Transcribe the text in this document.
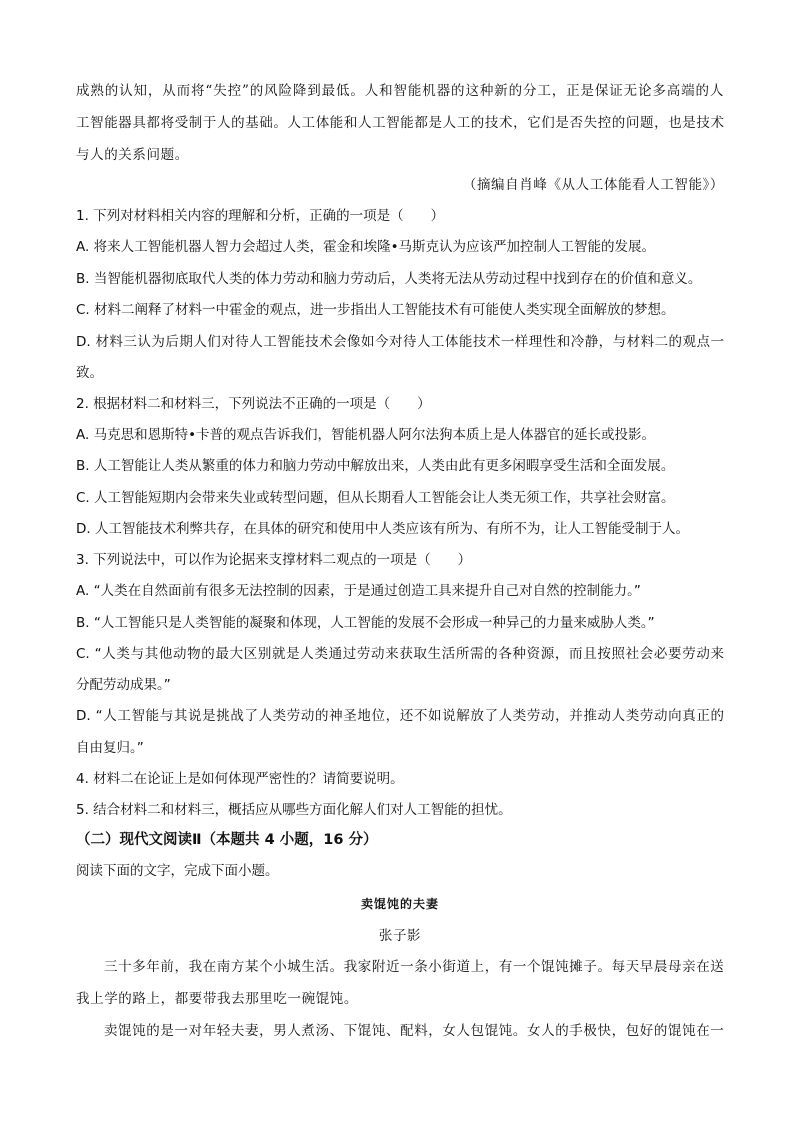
成熟的认知，从而将“失控”的风险降到最低。人和智能机器的这种新的分工，正是保证无论多高端的人
工智能器具都将受制于人的基础。人工体能和人工智能都是人工的技术，它们是否失控的问题，也是技术
与人的关系问题。
（摘编自肖峰《从人工体能看人工智能》）
1. 下列对材料相关内容的理解和分析，正确的一项是（　　）
A. 将来人工智能机器人智力会超过人类，霍金和埃隆•马斯克认为应该严加控制人工智能的发展。
B. 当智能机器彻底取代人类的体力劳动和脑力劳动后，人类将无法从劳动过程中找到存在的价值和意义。
C. 材料二阐释了材料一中霍金的观点，进一步指出人工智能技术有可能使人类实现全面解放的梦想。
D. 材料三认为后期人们对待人工智能技术会像如今对待人工体能技术一样理性和冷静，与材料二的观点一
致。
2. 根据材料二和材料三，下列说法不正确的一项是（　　）
A. 马克思和恩斯特•卡普的观点告诉我们，智能机器人阿尔法狗本质上是人体器官的延长或投影。
B. 人工智能让人类从繁重的体力和脑力劳动中解放出来，人类由此有更多闲暇享受生活和全面发展。
C. 人工智能短期内会带来失业或转型问题，但从长期看人工智能会让人类无须工作，共享社会财富。
D. 人工智能技术利弊共存，在具体的研究和使用中人类应该有所为、有所不为，让人工智能受制于人。
3. 下列说法中，可以作为论据来支撑材料二观点的一项是（　　）
A. “人类在自然面前有很多无法控制的因素，于是通过创造工具来提升自己对自然的控制能力。”
B. “人工智能只是人类智能的凝聚和体现，人工智能的发展不会形成一种异己的力量来威胁人类。”
C. “人类与其他动物的最大区别就是人类通过劳动来获取生活所需的各种资源，而且按照社会必要劳动来
分配劳动成果。”
D. “人工智能与其说是挑战了人类劳动的神圣地位，还不如说解放了人类劳动，并推动人类劳动向真正的
自由复归。”
4. 材料二在论证上是如何体现严密性的？请简要说明。
5. 结合材料二和材料三，概括应从哪些方面化解人们对人工智能的担忧。
（二）现代文阅读Ⅱ（本题共 4 小题，16 分）
阅读下面的文字，完成下面小题。
卖馄饨的夫妻
张子影
三十多年前，我在南方某个小城生活。我家附近一条小街道上，有一个馄饨摊子。每天早晨母亲在送
我上学的路上，都要带我去那里吃一碗馄饨。
卖馄饨的是一对年轻夫妻，男人煮汤、下馄饨、配料，女人包馄饨。女人的手极快，包好的馄饨在一
